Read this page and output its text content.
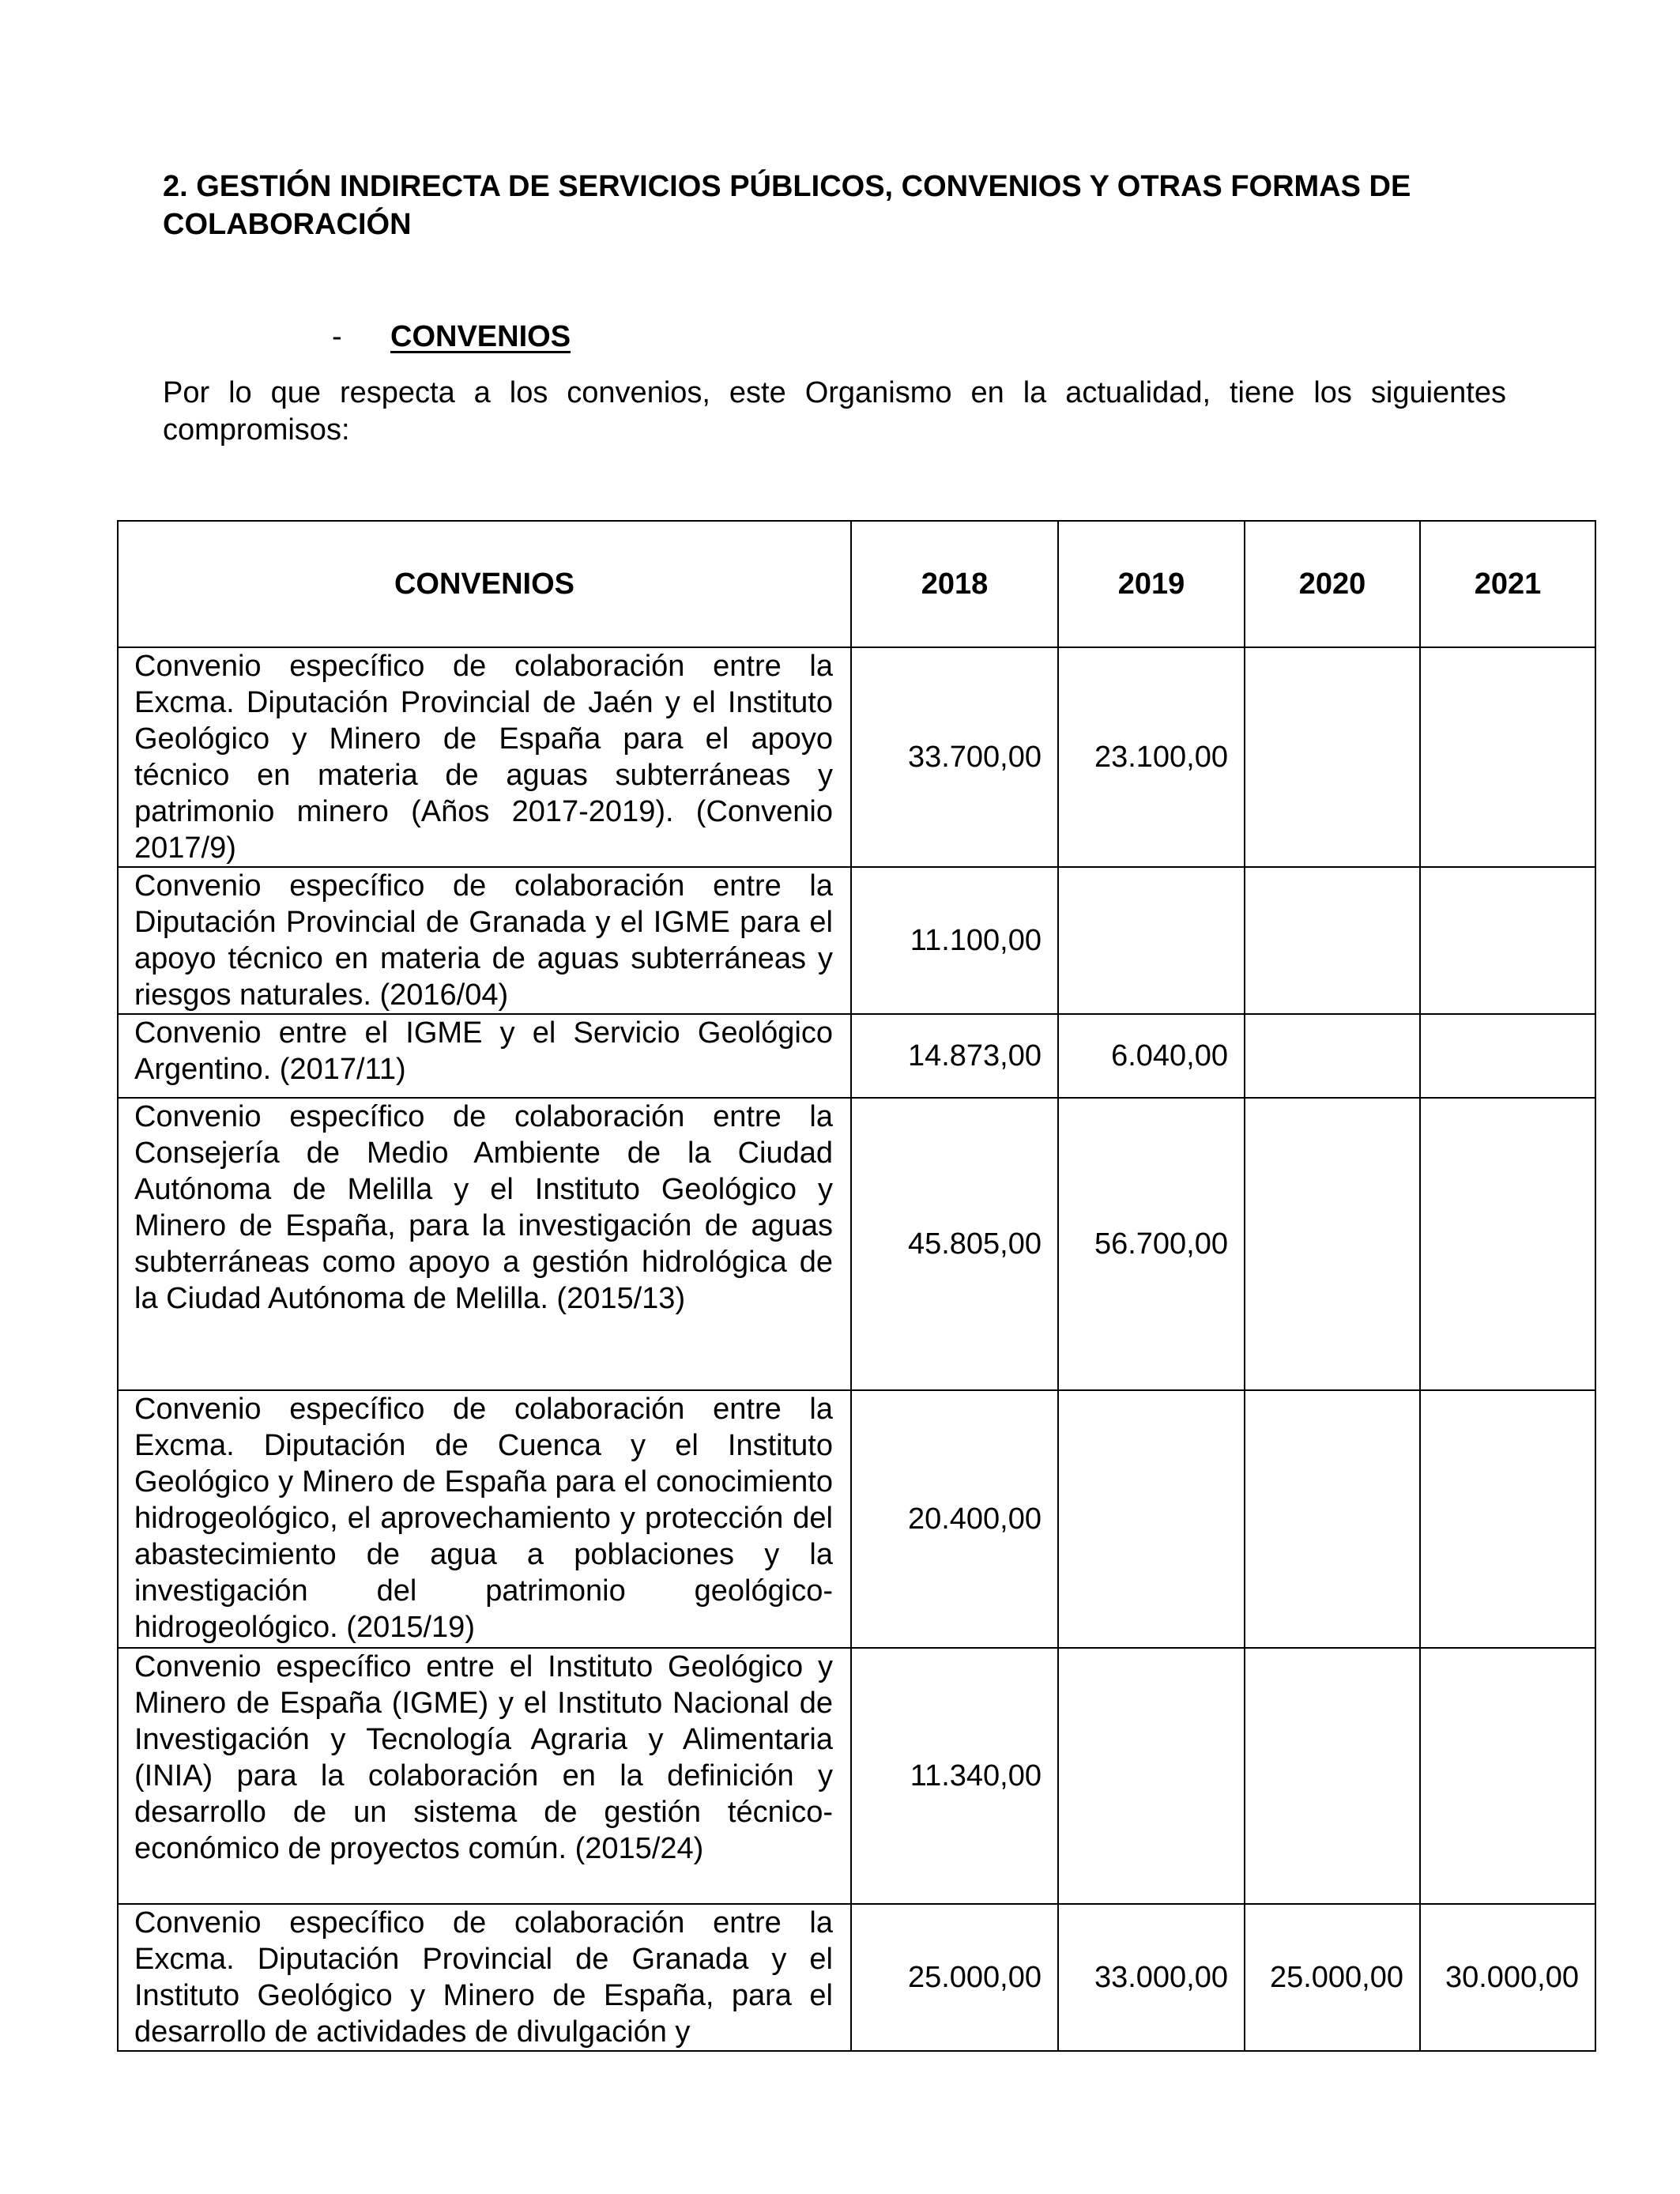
2. GESTIÓN INDIRECTA DE SERVICIOS PÚBLICOS, CONVENIOS Y OTRAS FORMAS DE COLABORACIÓN
- CONVENIOS

Por lo que respecta a los convenios, este Organismo en la actualidad, tiene los siguientes compromisos:

CONVENIOS	2018	2019	2020	2021
Convenio específico de colaboración entre la Excma. Diputación Provincial de Jaén y el Instituto Geológico y Minero de España para el apoyo técnico en materia de aguas subterráneas y patrimonio minero (Años 2017-2019). (Convenio 2017/9)	33.700,00	23.100,00		
Convenio específico de colaboración entre la Diputación Provincial de Granada y el IGME para el apoyo técnico en materia de aguas subterráneas y riesgos naturales. (2016/04)	11.100,00			
Convenio entre el IGME y el Servicio Geológico Argentino. (2017/11)	14.873,00	6.040,00		
Convenio específico de colaboración entre la Consejería de Medio Ambiente de la Ciudad Autónoma de Melilla y el Instituto Geológico y Minero de España, para la investigación de aguas subterráneas como apoyo a gestión hidrológica de la Ciudad Autónoma de Melilla. (2015/13)	45.805,00	56.700,00		
Convenio específico de colaboración entre la Excma. Diputación de Cuenca y el Instituto Geológico y Minero de España para el conocimiento hidrogeológico, el aprovechamiento y protección del abastecimiento de agua a poblaciones y la investigación del patrimonio geológico-hidrogeológico. (2015/19)	20.400,00			
Convenio específico entre el Instituto Geológico y Minero de España (IGME) y el Instituto Nacional de Investigación y Tecnología Agraria y Alimentaria (INIA) para la colaboración en la definición y desarrollo de un sistema de gestión técnico-económico de proyectos común. (2015/24)	11.340,00			
Convenio específico de colaboración entre la Excma. Diputación Provincial de Granada y el Instituto Geológico y Minero de España, para el desarrollo de actividades de divulgación y	25.000,00	33.000,00	25.000,00	30.000,00
